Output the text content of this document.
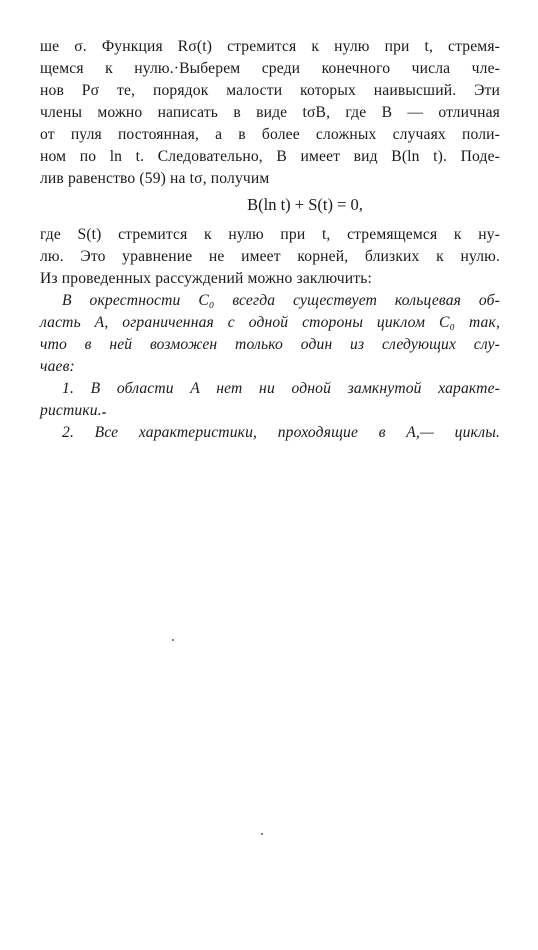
ше σ. Функция Rσ(t) стремится к нулю при t, стремя-
щемся к нулю.·Выберем среди конечного числа чле-
нов Pσ те, порядок малости которых наивысший. Эти
члены можно написать в виде tσB, где B — отличная
от пуля постоянная, а в более сложных случаях поли-
ном по ln t. Следовательно, B имеет вид B(ln t). Поде-
лив равенство (59) на tσ, получим
B(ln t) + S(t) = 0,
где S(t) стремится к нулю при t, стремящемся к ну-
лю. Это уравнение не имеет корней, близких к нулю.
Из проведенных рассуждений можно заключить:
В окрестности C₀ всегда существует кольцевая об-
ласть A, ограниченная с одной стороны циклом C₀ так,
что в ней возможен только один из следующих слу-
чаев:
1. В области A нет ни одной замкнутой характе-
ристики.
2. Все характеристики, проходящие в A,— циклы.
